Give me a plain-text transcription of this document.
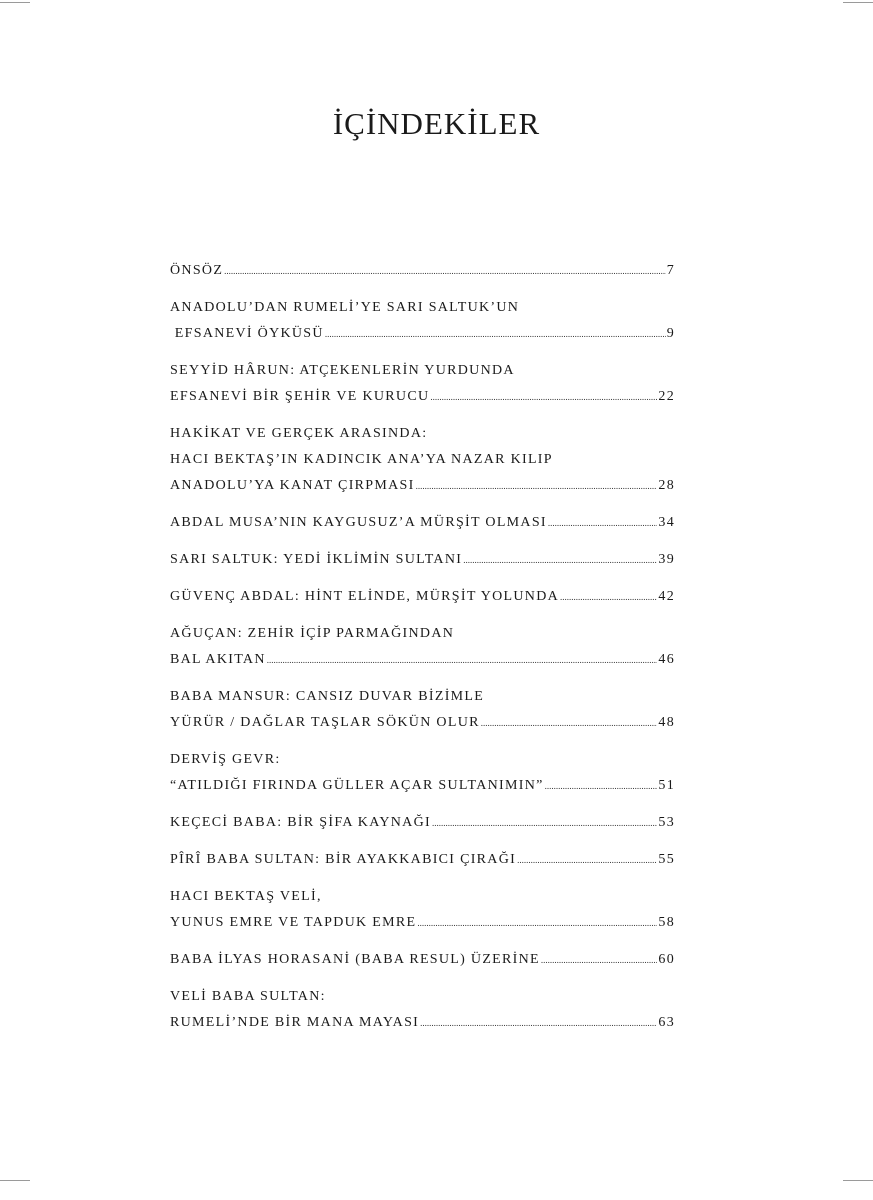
İÇİNDEKİLER
ÖNSÖZ .....	7
ANADOLU’DAN RUMELİ’YE SARI SALTUK’UN
EFSANEVİ ÖYKÜSÜ .....	9
SEYYİD HÂRUN: ATÇEKENLERİN YURDUNDA
EFSANEVİ BİR ŞEHİR VE KURUCU .....	22
HAKİKAT VE GERÇEK ARASINDA:
HACI BEKTAŞ’IN KADINCIK ANA’YA NAZAR KILIP
ANADOLU’YA KANAT ÇIRPMASI .....	28
ABDAL MUSA’NIN KAYGUSUZ’A MÜRŞİT OLMASI .....	34
SARI SALTUK: YEDİ İKLİMİN SULTANI .....	39
GÜVENÇ ABDAL: HİNT ELİNDE, MÜRŞİT YOLUNDA .....	42
AĞUÇAN: ZEHİR İÇİP PARMAĞINDAN
BAL AKITAN .....	46
BABA MANSUR: CANSIZ DUVAR BİZİMLE
YÜRÜR / DAĞLAR TAŞLAR SÖKÜN OLUR .....	48
DERVİŞ GEVR:
“ATILDIĞI FIRINDA GÜLLER AÇAR SULTANIMIN” .....	51
KEÇECİ BABA: BİR ŞİFA KAYNAĞI .....	53
PÎRÎ BABA SULTAN: BİR AYAKKABICI ÇIRAĞI .....	55
HACI BEKTAŞ VELİ,
YUNUS EMRE VE TAPDUK EMRE .....	58
BABA İLYAS HORASANİ (BABA RESUL) ÜZERİNE .....	60
VELİ BABA SULTAN:
RUMELİ’NDE BİR MANA MAYASI .....	63
